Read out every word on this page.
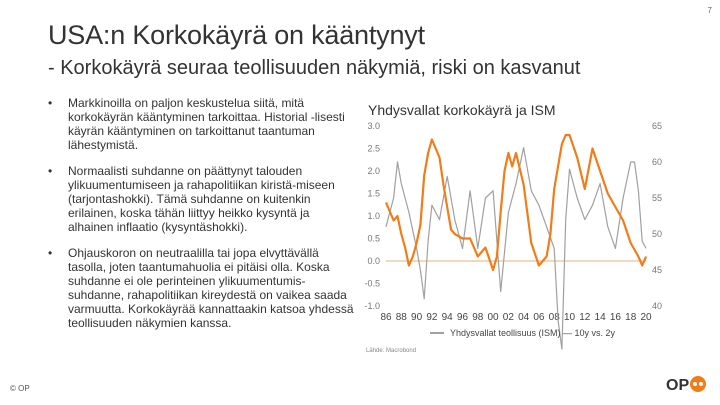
7
USA:n Korkokäyrä on kääntynyt
- Korkokäyrä seuraa teollisuuden näkymiä, riski on kasvanut
• Markkinoilla on paljon keskustelua siitä, mitä korkokäyrän kääntyminen tarkoittaa. Historial -lisesti käyrän kääntyminen on tarkoittanut taantuman lähestymistä.
• Normaalisti suhdanne on päättynyt talouden ylikuumentumiseen ja rahapolitiikan kiristä-miseen (tarjontashokki). Tämä suhdanne on kuitenkin erilainen, koska tähän liittyy heikko kysyntä ja alhainen inflaatio (kysyntäshokki).
• Ohjauskoron on neutraalilla tai jopa elvyttävällä tasolla, joten taantumahuolia ei pitäisi olla. Koska suhdanne ei ole perinteinen ylikuumentumis-suhdanne, rahapolitiikan kireydestä on vaikea saada varmuutta. Korkokäyrää kannattaakin katsoa yhdessä teollisuuden näkymien kanssa.
Yhdysvallat korkokäyrä ja ISM
3.0
2.5
2.0
1.5
1.0
0.5
0.0
-0.5
-1.0
65
60
55
50
45
40
86 88 90 92 94 96 98 00 02 04 06 08 10 12 14 16 18 20
Yhdysvallat teollisuus (ISM) — 10y vs. 2y
Lähde: Macrobond
© OP	OP
